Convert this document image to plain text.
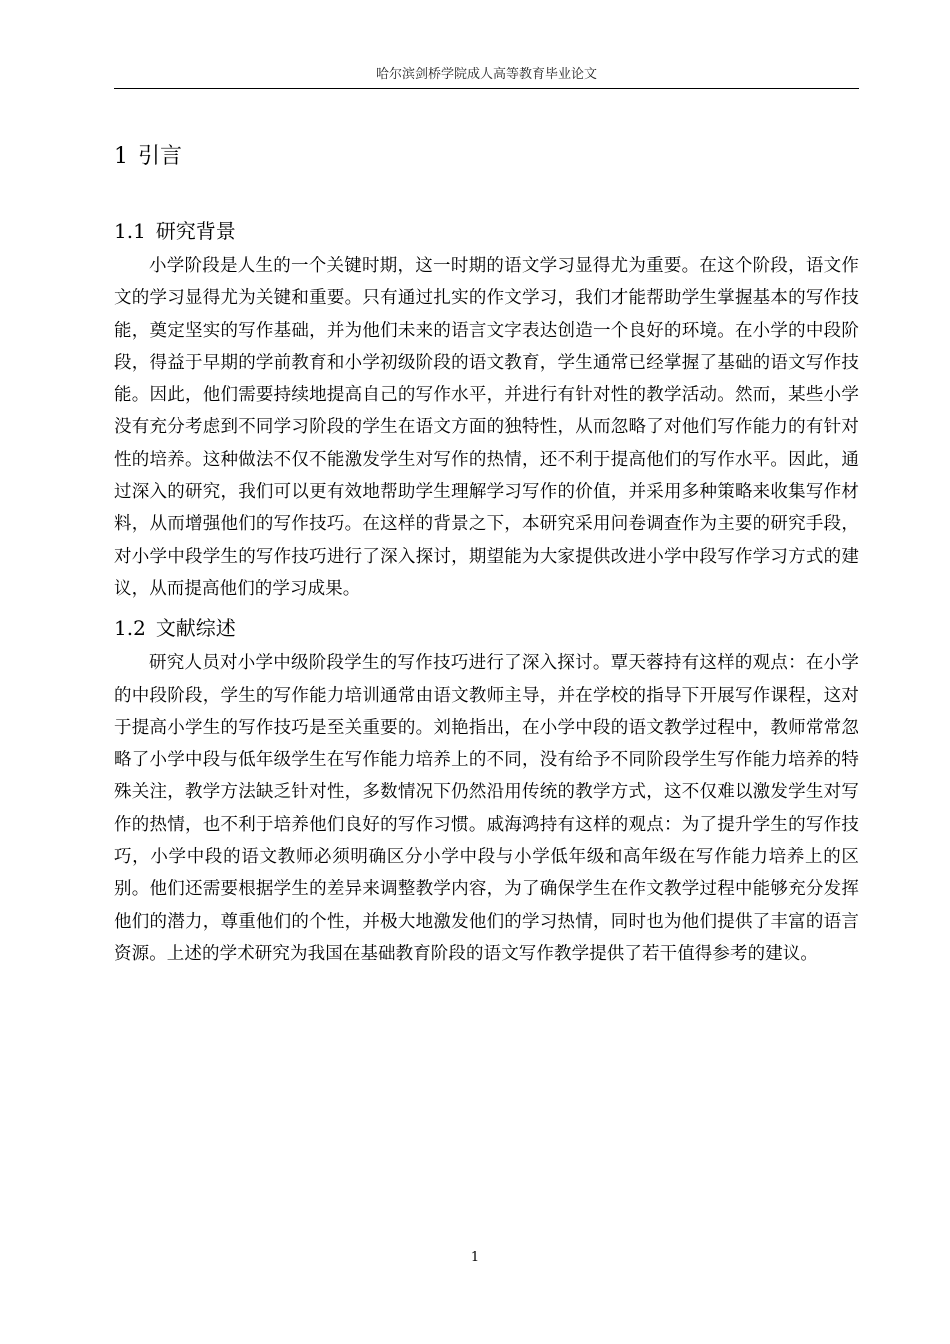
哈尔滨剑桥学院成人高等教育毕业论文
1 引言
1.1 研究背景

小学阶段是人生的一个关键时期，这一时期的语文学习显得尤为重要。在这个阶段，语文作文的学习显得尤为关键和重要。只有通过扎实的作文学习，我们才能帮助学生掌握基本的写作技能，奠定坚实的写作基础，并为他们未来的语言文字表达创造一个良好的环境。在小学的中段阶段，得益于早期的学前教育和小学初级阶段的语文教育，学生通常已经掌握了基础的语文写作技能。因此，他们需要持续地提高自己的写作水平，并进行有针对性的教学活动。然而，某些小学没有充分考虑到不同学习阶段的学生在语文方面的独特性，从而忽略了对他们写作能力的有针对性的培养。这种做法不仅不能激发学生对写作的热情，还不利于提高他们的写作水平。因此，通过深入的研究，我们可以更有效地帮助学生理解学习写作的价值，并采用多种策略来收集写作材料，从而增强他们的写作技巧。在这样的背景之下，本研究采用问卷调查作为主要的研究手段，对小学中段学生的写作技巧进行了深入探讨，期望能为大家提供改进小学中段写作学习方式的建议，从而提高他们的学习成果。

1.2 文献综述

研究人员对小学中级阶段学生的写作技巧进行了深入探讨。覃天蓉持有这样的观点：在小学的中段阶段，学生的写作能力培训通常由语文教师主导，并在学校的指导下开展写作课程，这对于提高小学生的写作技巧是至关重要的。刘艳指出，在小学中段的语文教学过程中，教师常常忽略了小学中段与低年级学生在写作能力培养上的不同，没有给予不同阶段学生写作能力培养的特殊关注，教学方法缺乏针对性，多数情况下仍然沿用传统的教学方式，这不仅难以激发学生对写作的热情，也不利于培养他们良好的写作习惯。戚海鸿持有这样的观点：为了提升学生的写作技巧，小学中段的语文教师必须明确区分小学中段与小学低年级和高年级在写作能力培养上的区别。他们还需要根据学生的差异来调整教学内容，为了确保学生在作文教学过程中能够充分发挥他们的潜力，尊重他们的个性，并极大地激发他们的学习热情，同时也为他们提供了丰富的语言资源。上述的学术研究为我国在基础教育阶段的语文写作教学提供了若干值得参考的建议。

1
